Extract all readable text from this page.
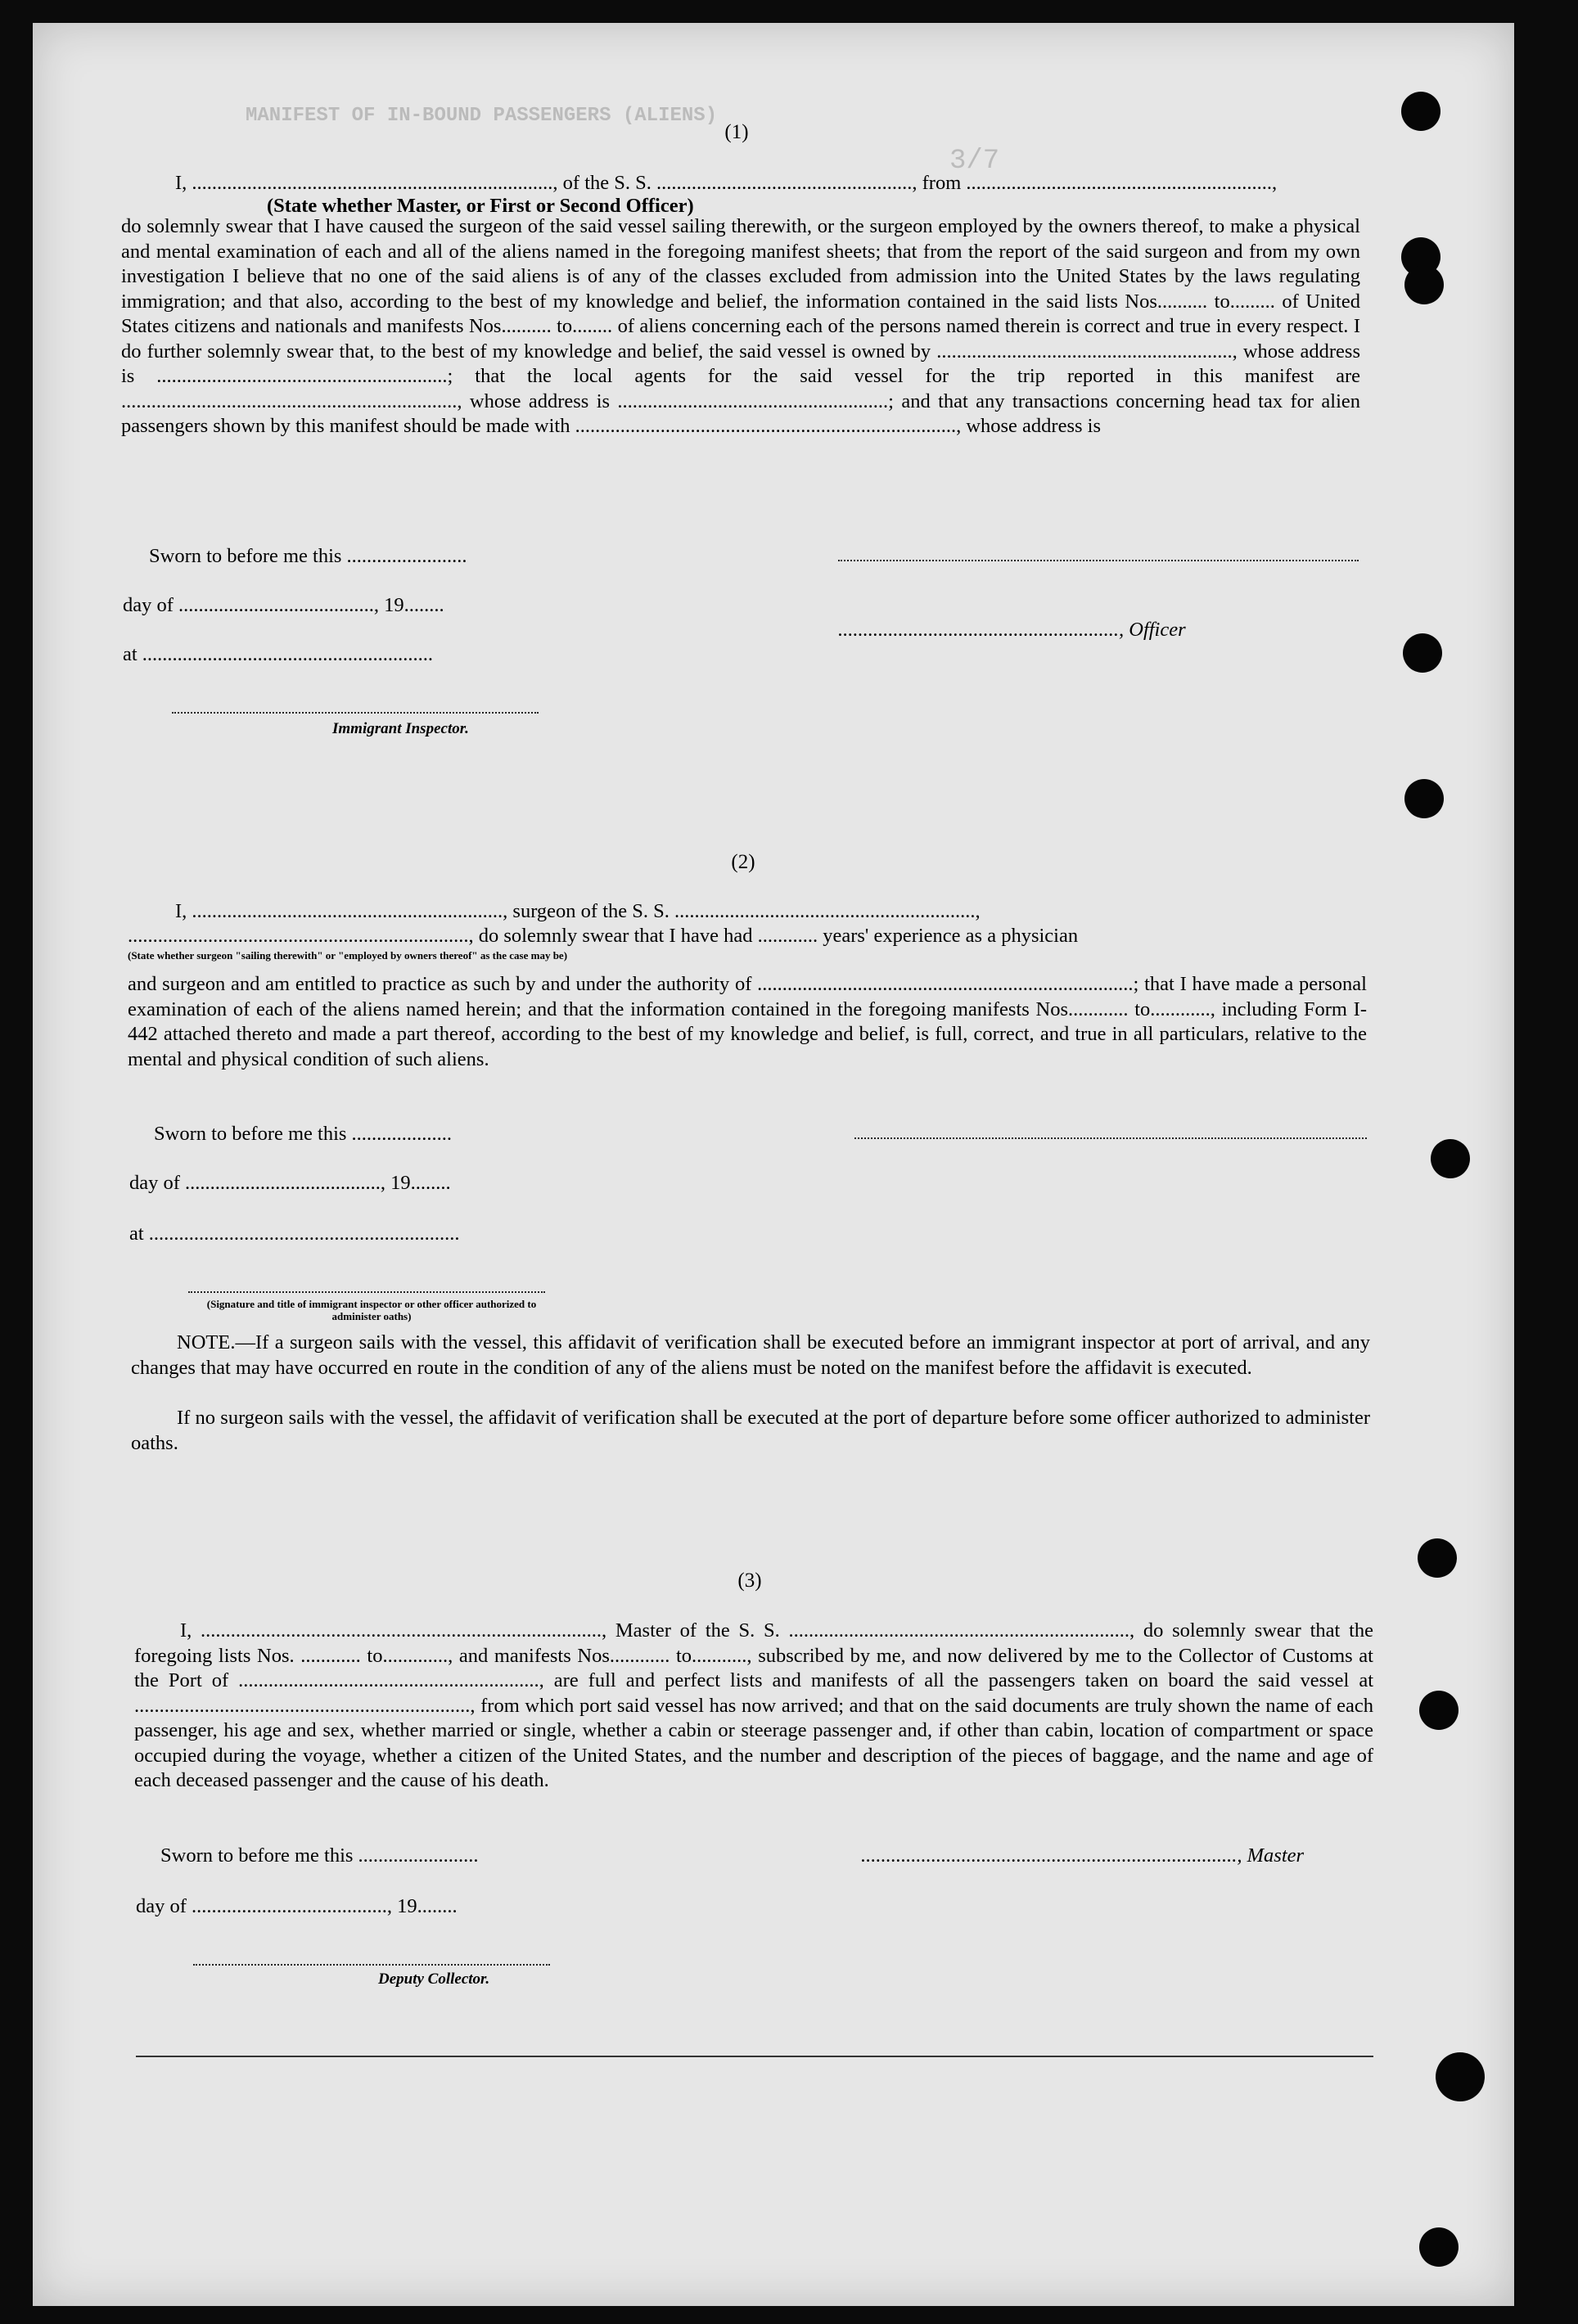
MANIFEST OF IN-BOUND PASSENGERS (ALIENS)
3/7
(1)
I, ........................................................................, of the S. S. ..................................................., from .............................................................,
(State whether Master, or First or Second Officer)
do solemnly swear that I have caused the surgeon of the said vessel sailing therewith, or the surgeon employed by the owners thereof, to make a physical and mental examination of each and all of the aliens named in the foregoing manifest sheets; that from the report of the said surgeon and from my own investigation I believe that no one of the said aliens is of any of the classes excluded from admission into the United States by the laws regulating immigration; and that also, according to the best of my knowledge and belief, the information contained in the said lists Nos.......... to......... of United States citizens and nationals and manifests Nos.......... to........ of aliens concerning each of the persons named therein is correct and true in every respect. I do further solemnly swear that, to the best of my knowledge and belief, the said vessel is owned by ..........................................................., whose address is ..........................................................; that the local agents for the said vessel for the trip reported in this manifest are ..................................................................., whose address is ......................................................; and that any transactions concerning head tax for alien passengers shown by this manifest should be made with ............................................................................, whose address is
Sworn to before me this ........................
day of ......................................., 19........
at ..........................................................
Immigrant Inspector.
........................................................, Officer
(2)
I, .............................................................., surgeon of the S. S. ............................................................,
...................................................................., do solemnly swear that I have had ............ years' experience as a physician
(State whether surgeon "sailing therewith" or "employed by owners thereof" as the case may be)
and surgeon and am entitled to practice as such by and under the authority of ...........................................................................; that I have made a personal examination of each of the aliens named herein; and that the information contained in the foregoing manifests Nos............ to............, including Form I-442 attached thereto and made a part thereof, according to the best of my knowledge and belief, is full, correct, and true in all particulars, relative to the mental and physical condition of such aliens.
Sworn to before me this ....................
day of ......................................., 19........
at ..............................................................
(Signature and title of immigrant inspector or other officer authorized to administer oaths)
NOTE.—If a surgeon sails with the vessel, this affidavit of verification shall be executed before an immigrant inspector at port of arrival, and any changes that may have occurred en route in the condition of any of the aliens must be noted on the manifest before the affidavit is executed.
If no surgeon sails with the vessel, the affidavit of verification shall be executed at the port of departure before some officer authorized to administer oaths.
(3)
I, ................................................................................, Master of the S. S. ...................................................................., do solemnly swear that the foregoing lists Nos. ............ to............., and manifests Nos............ to..........., subscribed by me, and now delivered by me to the Collector of Customs at the Port of ............................................................, are full and perfect lists and manifests of all the passengers taken on board the said vessel at ..................................................................., from which port said vessel has now arrived; and that on the said documents are truly shown the name of each passenger, his age and sex, whether married or single, whether a cabin or steerage passenger and, if other than cabin, location of compartment or space occupied during the voyage, whether a citizen of the United States, and the number and description of the pieces of baggage, and the name and age of each deceased passenger and the cause of his death.
Sworn to before me this ........................	..........................................................................., Master
day of ......................................., 19........
Deputy Collector.
